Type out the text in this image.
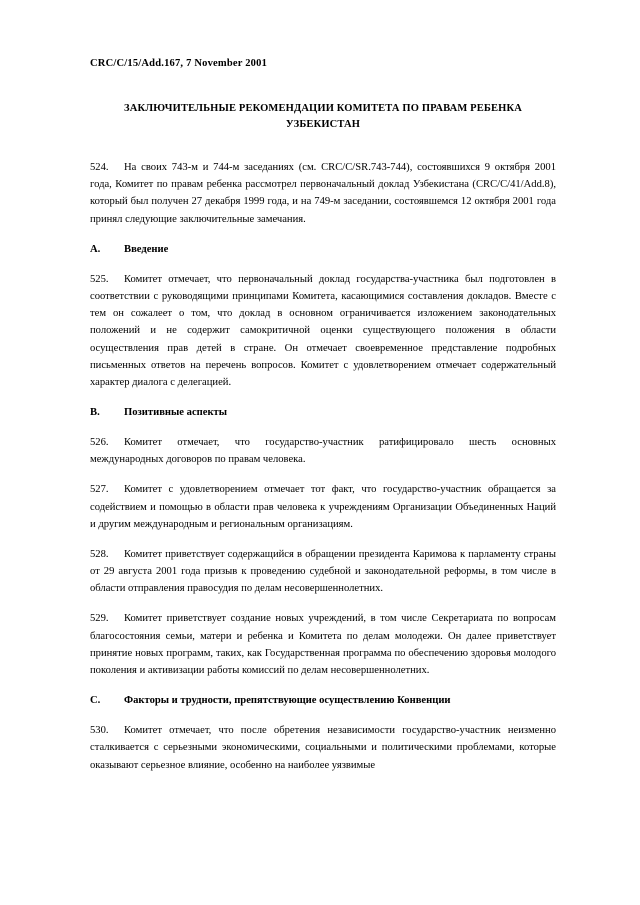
CRC/C/15/Add.167, 7 November 2001

ЗАКЛЮЧИТЕЛЬНЫЕ РЕКОМЕНДАЦИИ КОМИТЕТА ПО ПРАВАМ РЕБЕНКА

УЗБЕКИСТАН

524. На своих 743-м и 744-м заседаниях (см. CRC/C/SR.743-744), состоявшихся 9 октября 2001 года, Комитет по правам ребенка рассмотрел первоначальный доклад Узбекистана (CRC/C/41/Add.8), который был получен 27 декабря 1999 года, и на 749-м заседании, состоявшемся 12 октября 2001 года принял следующие заключительные замечания.

A. Введение

525. Комитет отмечает, что первоначальный доклад государства-участника был подготовлен в соответствии с руководящими принципами Комитета, касающимися составления докладов. Вместе с тем он сожалеет о том, что доклад в основном ограничивается изложением законодательных положений и не содержит самокритичной оценки существующего положения в области осуществления прав детей в стране. Он отмечает своевременное представление подробных письменных ответов на перечень вопросов. Комитет с удовлетворением отмечает содержательный характер диалога с делегацией.

B. Позитивные аспекты

526. Комитет отмечает, что государство-участник ратифицировало шесть основных международных договоров по правам человека.

527. Комитет с удовлетворением отмечает тот факт, что государство-участник обращается за содействием и помощью в области прав человека к учреждениям Организации Объединенных Наций и другим международным и региональным организациям.

528. Комитет приветствует содержащийся в обращении президента Каримова к парламенту страны от 29 августа 2001 года призыв к проведению судебной и законодательной реформы, в том числе в области отправления правосудия по делам несовершеннолетних.

529. Комитет приветствует создание новых учреждений, в том числе Секретариата по вопросам благосостояния семьи, матери и ребенка и Комитета по делам молодежи. Он далее приветствует принятие новых программ, таких, как Государственная программа по обеспечению здоровья молодого поколения и активизации работы комиссий по делам несовершеннолетних.

C. Факторы и трудности, препятствующие осуществлению Конвенции

530. Комитет отмечает, что после обретения независимости государство-участник неизменно сталкивается с серьезными экономическими, социальными и политическими проблемами, которые оказывают серьезное влияние, особенно на наиболее уязвимые
